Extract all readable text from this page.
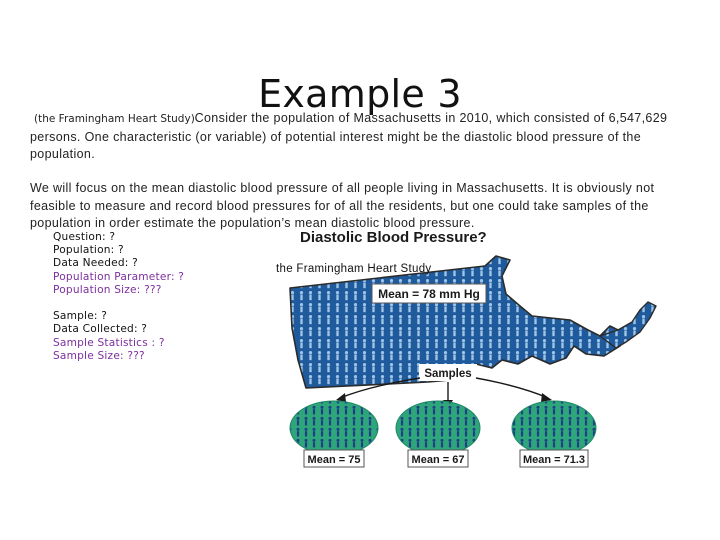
Example 3

(the Framingham Heart Study) Consider the population of Massachusetts in 2010, which consisted of 6,547,629 persons. One characteristic (or variable) of potential interest might be the diastolic blood pressure of the population.

We will focus on the mean diastolic blood pressure of all people living in Massachusetts. It is obviously not feasible to measure and record blood pressures for of all the residents, but one could take samples of the population in order estimate the population’s mean diastolic blood pressure.

Question: ?
Population: ?
Data Needed: ?
Population Parameter: ?
Population Size: ???
Sample: ?
Data Collected: ?
Sample Statistics : ?
Sample Size: ???
Diastolic Blood Pressure?
Mean = 78 mm Hg
Samples
Mean = 75	Mean = 67	Mean = 71.3
the Framingham Heart Study
